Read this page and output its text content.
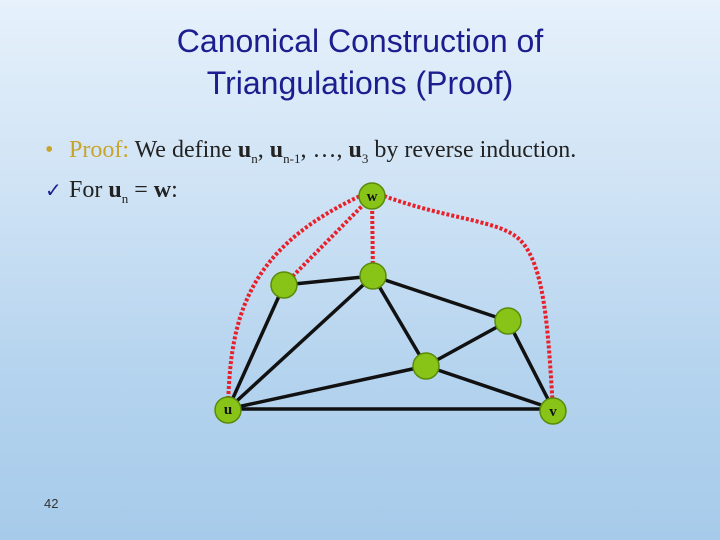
Canonical Construction of
Triangulations (Proof)
• Proof: We define $u_n$, $u_{n-1}$, …, $u_3$ by reverse induction.
✓ For $u_n = w$:	w
u	v
42
